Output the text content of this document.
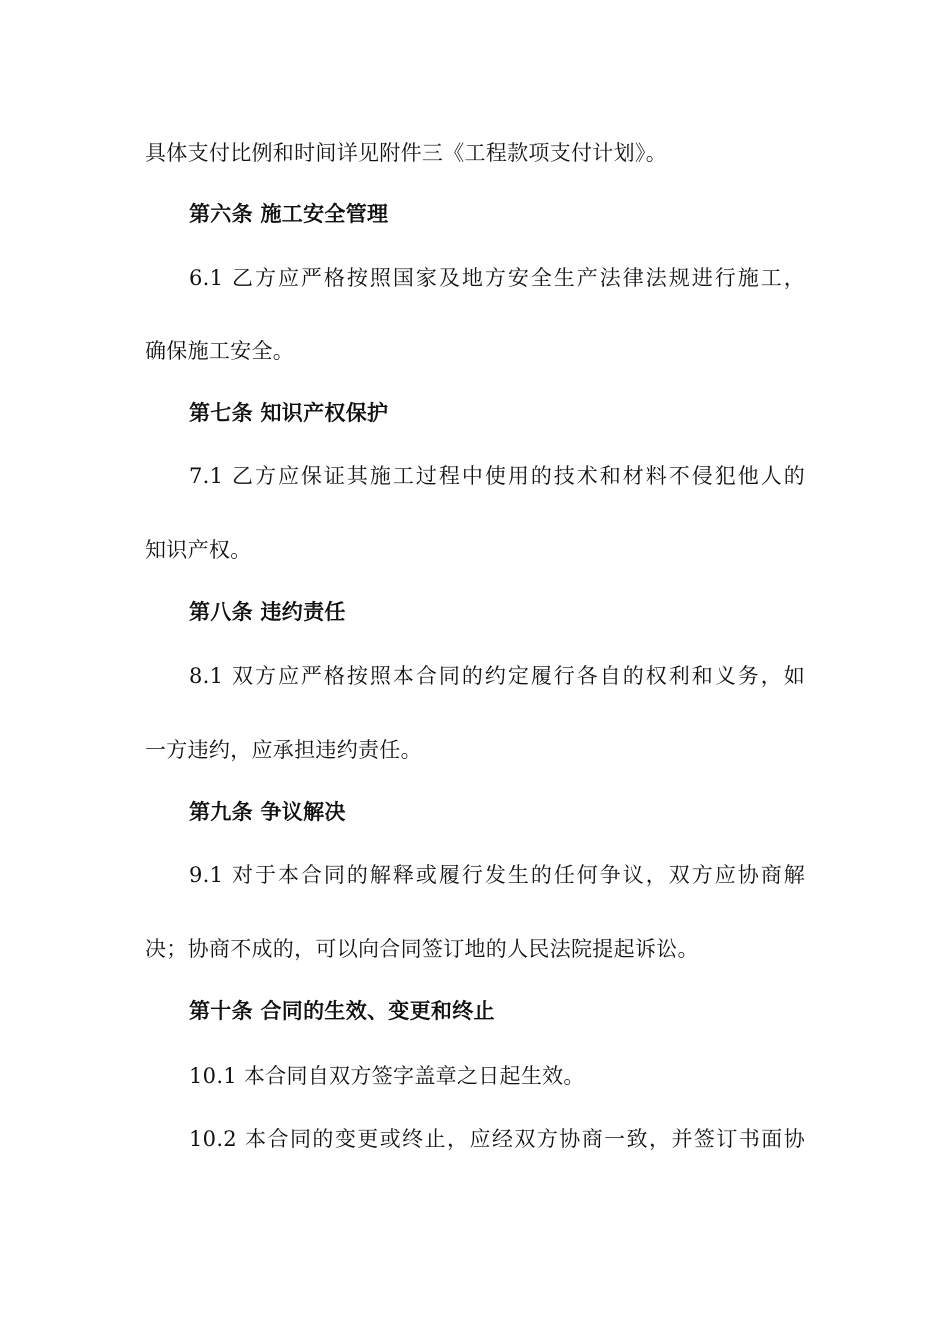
具体支付比例和时间详见附件三《工程款项支付计划》。
第六条 施工安全管理
6.1 乙方应严格按照国家及地方安全生产法律法规进行施工，
确保施工安全。
第七条 知识产权保护
7.1 乙方应保证其施工过程中使用的技术和材料不侵犯他人的
知识产权。
第八条 违约责任
8.1 双方应严格按照本合同的约定履行各自的权利和义务，如
一方违约，应承担违约责任。
第九条 争议解决
9.1 对于本合同的解释或履行发生的任何争议，双方应协商解
决；协商不成的，可以向合同签订地的人民法院提起诉讼。
第十条 合同的生效、变更和终止
10.1 本合同自双方签字盖章之日起生效。
10.2 本合同的变更或终止，应经双方协商一致，并签订书面协
